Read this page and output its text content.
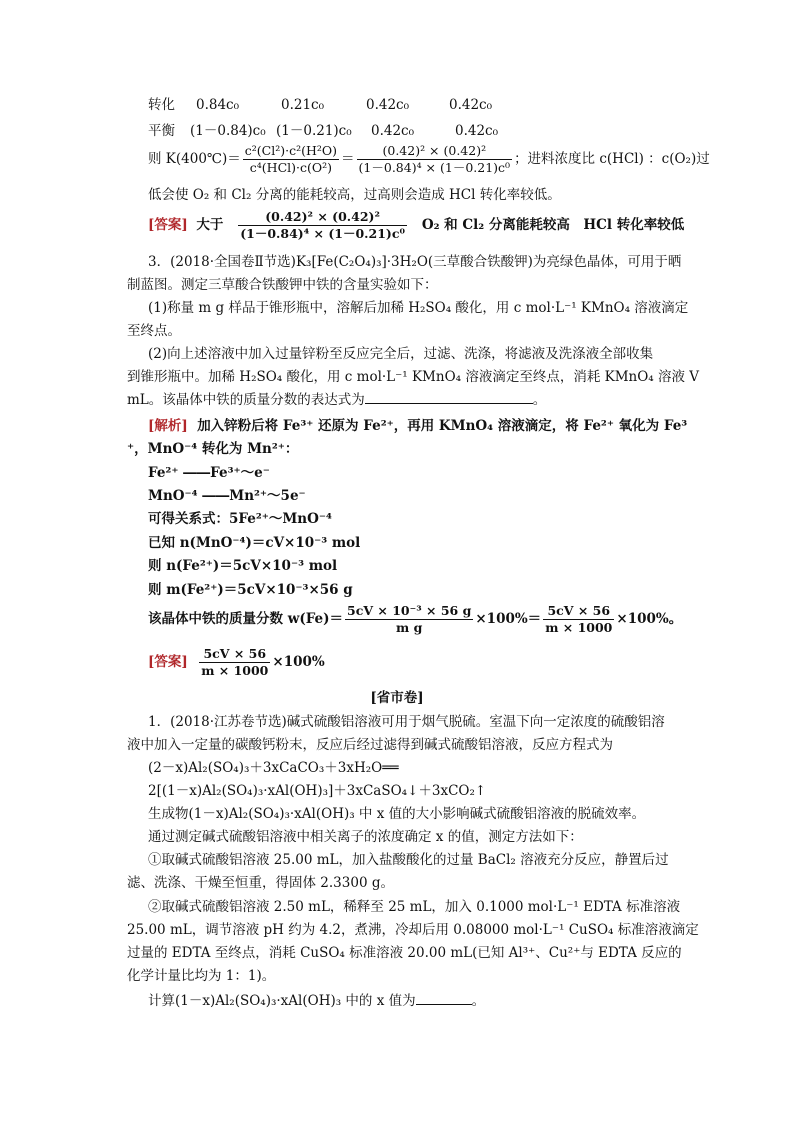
转化 0.84c₀	0.21c₀	0.42c₀	0.42c₀
平衡 (1－0.84)c₀ (1－0.21)c₀ 0.42c₀	0.42c₀
则 K(400℃)＝ $\frac{\text{c²(Cl²)·c²(H²O)}}{\text{c⁴(HCl)·c(O²)}} = \frac{\text{(0.42)² × (0.42)²}}{\text{(1－0.84)⁴ × (1－0.21)c⁰}}$ ；进料浓度比 c(HCl) ：c(O₂)过
低会使 O₂ 和 Cl₂ 分离的能耗较高，过高则会造成 HCl 转化率较低。
[答案] 大于 $\frac{\text{(0.42)² × (0.42)²}}{\text{(1－0.84)⁴ × (1－0.21)c⁰}} O_2$ 和 Cl₂ 分离能耗较高　HCl 转化率较低
3．(2018·全国卷Ⅱ节选)K₃[Fe(C₂O₄)₃]·3H₂O(三草酸合铁酸钾)为亮绿色晶体，可用于晒
制蓝图。测定三草酸合铁酸钾中铁的含量实验如下：
(1)称量 m g 样品于锥形瓶中，溶解后加稀 H₂SO₄ 酸化，用 c mol·L⁻¹ KMnO₄ 溶液滴定
至终点。
(2)向上述溶液中加入过量锌粉至反应完全后，过滤、洗涤，将滤液及洗涤液全部收集
到锥形瓶中。加稀 H₂SO₄ 酸化，用 c mol·L⁻¹ KMnO₄ 溶液滴定至终点，消耗 KMnO₄ 溶液 V
mL。该晶体中铁的质量分数的表达式为	。
[解析] 加入锌粉后将 Fe³⁺ 还原为 Fe²⁺，再用 KMnO₄ 溶液滴定，将 Fe²⁺ 氧化为 Fe³
⁺，MnO⁻⁴ 转化为 Mn²⁺：
Fe²⁺ ――Fe³⁺～e⁻
MnO⁻⁴ ――Mn²⁺～5e⁻
可得关系式：5Fe²⁺～MnO⁻⁴
已知 n(MnO⁻⁴)＝cV×10⁻³ mol
则 n(Fe²⁺)＝5cV×10⁻³ mol
则 m(Fe²⁺)＝5cV×10⁻³×56 g
该晶体中铁的质量分数 $w(Fe)= \frac{\text{5cV × 10⁻³ × 56 g}}{\text{m g}} \times 100\%= \frac{5cV \times 56}{m \times 1000} \times 100\%$。
[答案] $\frac{5cV \times 56}{m \times 1000} \times 100\%$
[省市卷]
1．(2018·江苏卷节选)碱式硫酸铝溶液可用于烟气脱硫。室温下向一定浓度的硫酸铝溶
液中加入一定量的碳酸钙粉末，反应后经过滤得到碱式硫酸铝溶液，反应方程式为
(2－x)Al₂(SO₄)₃＋3xCaCO₃＋3xH₂O══
2[(1－x)Al₂(SO₄)₃·xAl(OH)₃]＋3xCaSO₄↓＋3xCO₂↑
生成物(1－x)Al₂(SO₄)₃·xAl(OH)₃ 中 x 值的大小影响碱式硫酸铝溶液的脱硫效率。
通过测定碱式硫酸铝溶液中相关离子的浓度确定 x 的值，测定方法如下：
①取碱式硫酸铝溶液 25.00 mL，加入盐酸酸化的过量 BaCl₂ 溶液充分反应，静置后过
滤、洗涤、干燥至恒重，得固体 2.3300 g。
②取碱式硫酸铝溶液 2.50 mL，稀释至 25 mL，加入 0.1000 mol·L⁻¹ EDTA 标准溶液
25.00 mL，调节溶液 pH 约为 4.2，煮沸，冷却后用 0.08000 mol·L⁻¹ CuSO₄ 标准溶液滴定
过量的 EDTA 至终点，消耗 CuSO₄ 标准溶液 20.00 mL(已知 Al³⁺、Cu²⁺与 EDTA 反应的
化学计量比均为 1：1)。
计算(1－x)Al₂(SO₄)₃·xAl(OH)₃ 中的 x 值为	。
